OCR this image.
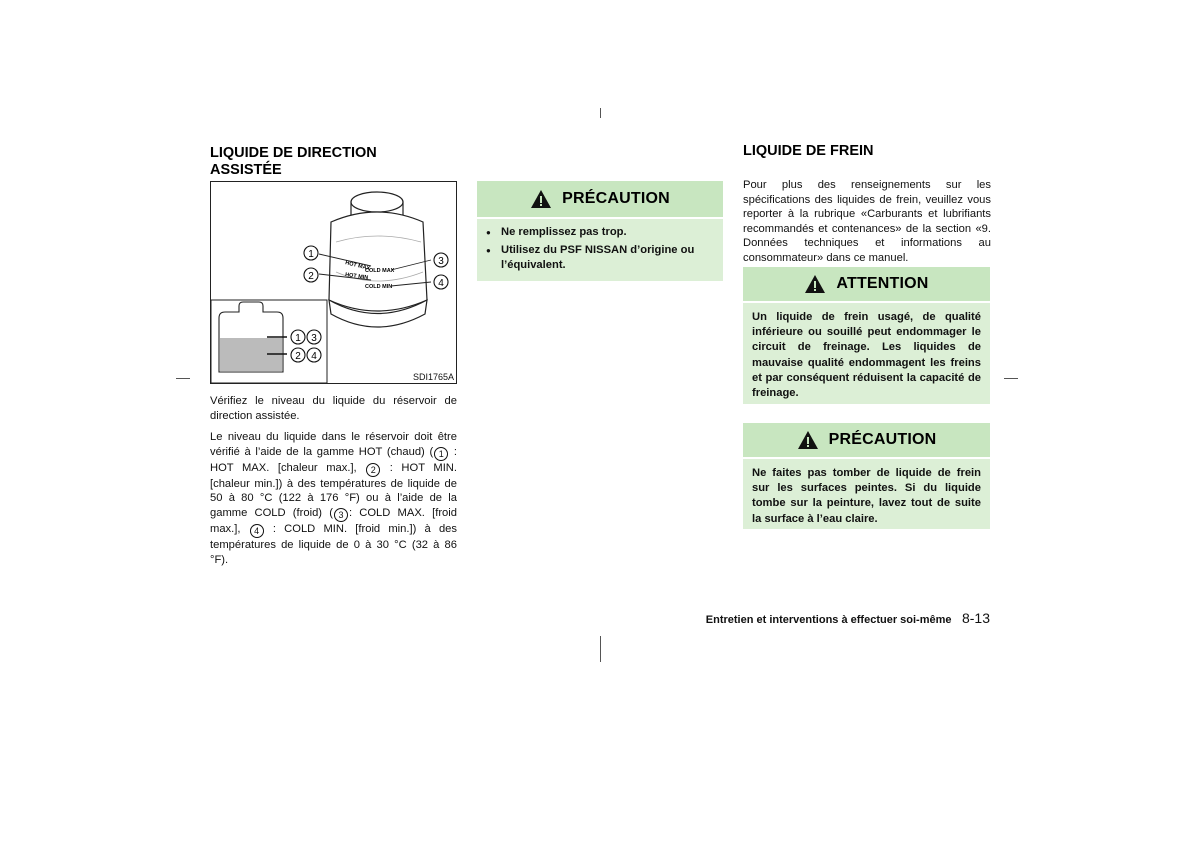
LIQUIDE DE DIRECTION

ASSISTÉE

HOT MAX
HOT MIN
COLD MAX
COLD MIN
1
2
3
4
1 3
2 4
SDI1765A

Vérifiez le niveau du liquide du réservoir de direction assistée.

Le niveau du liquide dans le réservoir doit être vérifié à l’aide de la gamme HOT (chaud) ( 1 : HOT MAX. [chaleur max.], 2 : HOT MIN. [chaleur min.]) à des températures de liquide de 50 à 80 °C (122 à 176 °F) ou à l’aide de la gamme COLD (froid) ( 3 : COLD MAX. [froid max.], 4 : COLD MIN. [froid min.]) à des températures de liquide de 0 à 30 °C (32 à 86 °F).

PRÉCAUTION
● Ne remplissez pas trop.
● Utilisez du PSF NISSAN d’origine ou l’équivalent.

LIQUIDE DE FREIN

Pour plus des renseignements sur les spécifications des liquides de frein, veuillez vous reporter à la rubrique «Carburants et lubrifiants recommandés et contenances» de la section «9. Données techniques et informations au consommateur» dans ce manuel.

ATTENTION

Un liquide de frein usagé, de qualité inférieure ou souillé peut endommager le circuit de freinage. Les liquides de mauvaise qualité endommagent les freins et par conséquent réduisent la capacité de freinage.

PRÉCAUTION

Ne faites pas tomber de liquide de frein sur les surfaces peintes. Si du liquide tombe sur la peinture, lavez tout de suite la surface à l’eau claire.

Entretien et interventions à effectuer soi-même 8-13
